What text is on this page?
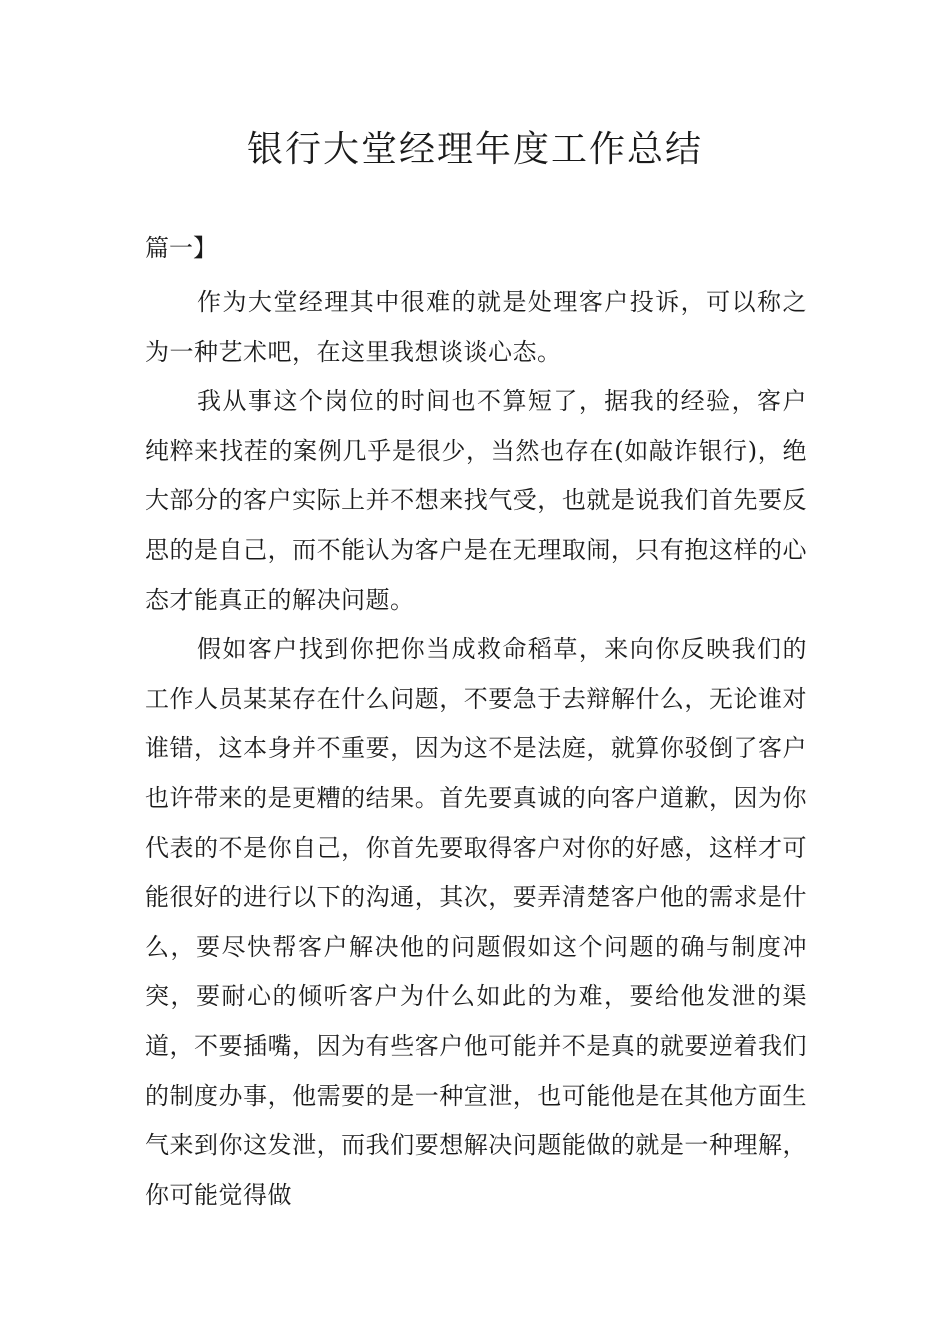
银行大堂经理年度工作总结
篇一】

作为大堂经理其中很难的就是处理客户投诉，可以称之为一种艺术吧，在这里我想谈谈心态。

我从事这个岗位的时间也不算短了，据我的经验，客户纯粹来找茬的案例几乎是很少，当然也存在(如敲诈银行)，绝大部分的客户实际上并不想来找气受，也就是说我们首先要反思的是自己，而不能认为客户是在无理取闹，只有抱这样的心态才能真正的解决问题。

假如客户找到你把你当成救命稻草，来向你反映我们的工作人员某某存在什么问题，不要急于去辩解什么，无论谁对谁错，这本身并不重要，因为这不是法庭，就算你驳倒了客户也许带来的是更糟的结果。首先要真诚的向客户道歉，因为你代表的不是你自己，你首先要取得客户对你的好感，这样才可能很好的进行以下的沟通，其次，要弄清楚客户他的需求是什么，要尽快帮客户解决他的问题假如这个问题的确与制度冲突，要耐心的倾听客户为什么如此的为难，要给他发泄的渠道，不要插嘴，因为有些客户他可能并不是真的就要逆着我们的制度办事，他需要的是一种宣泄，也可能他是在其他方面生气来到你这发泄，而我们要想解决问题能做的就是一种理解，你可能觉得做
